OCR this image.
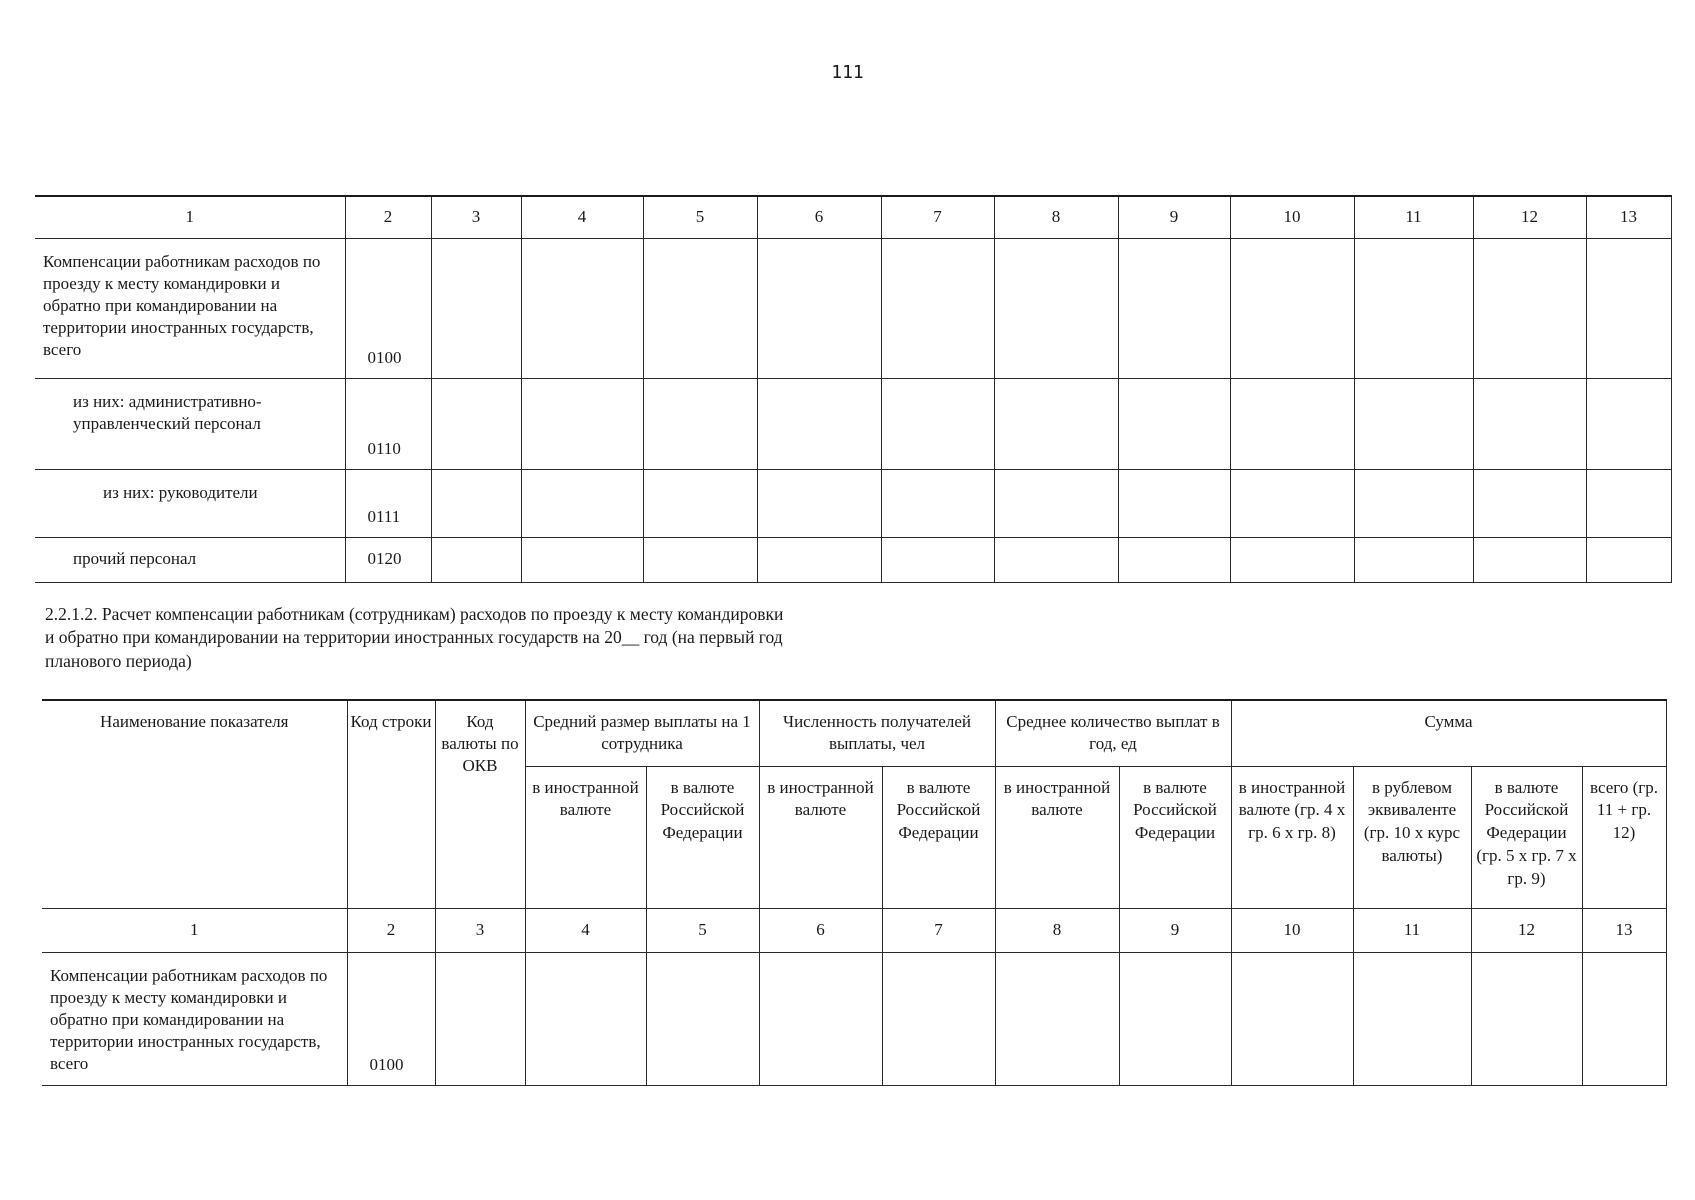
111
1	2	3	4	5	6	7	8	9	10	11	12	13
Компенсации работникам расходов по проезду к месту командировки и обратно при командировании на территории иностранных государств, всего	0100											
из них: административно-управленческий персонал	0110											
из них: руководители	0111											
прочий персонал	0120											
2.2.1.2. Расчет компенсации работникам (сотрудникам) расходов по проезду к месту командировки и обратно при командировании на территории иностранных государств на 20__ год (на первый год планового периода)
Наименование показателя	Код строки	Код валюты по ОКВ	Средний размер выплаты на 1 сотрудника		Численность получателей выплаты, чел		Среднее количество выплат в год, ед		Сумма			
			в иностранной валюте	в валюте Российской Федерации	в иностранной валюте	в валюте Российской Федерации	в иностранной валюте	в валюте Российской Федерации	в иностранной валюте (гр. 4 х гр. 6 х гр. 8)	в рублевом эквиваленте (гр. 10 х курс валюты)	в валюте Российской Федерации (гр. 5 х гр. 7 х гр. 9)	всего (гр. 11 + гр. 12)
1	2	3	4	5	6	7	8	9	10	11	12	13
Компенсации работникам расходов по проезду к месту командировки и обратно при командировании на территории иностранных государств, всего	0100											
